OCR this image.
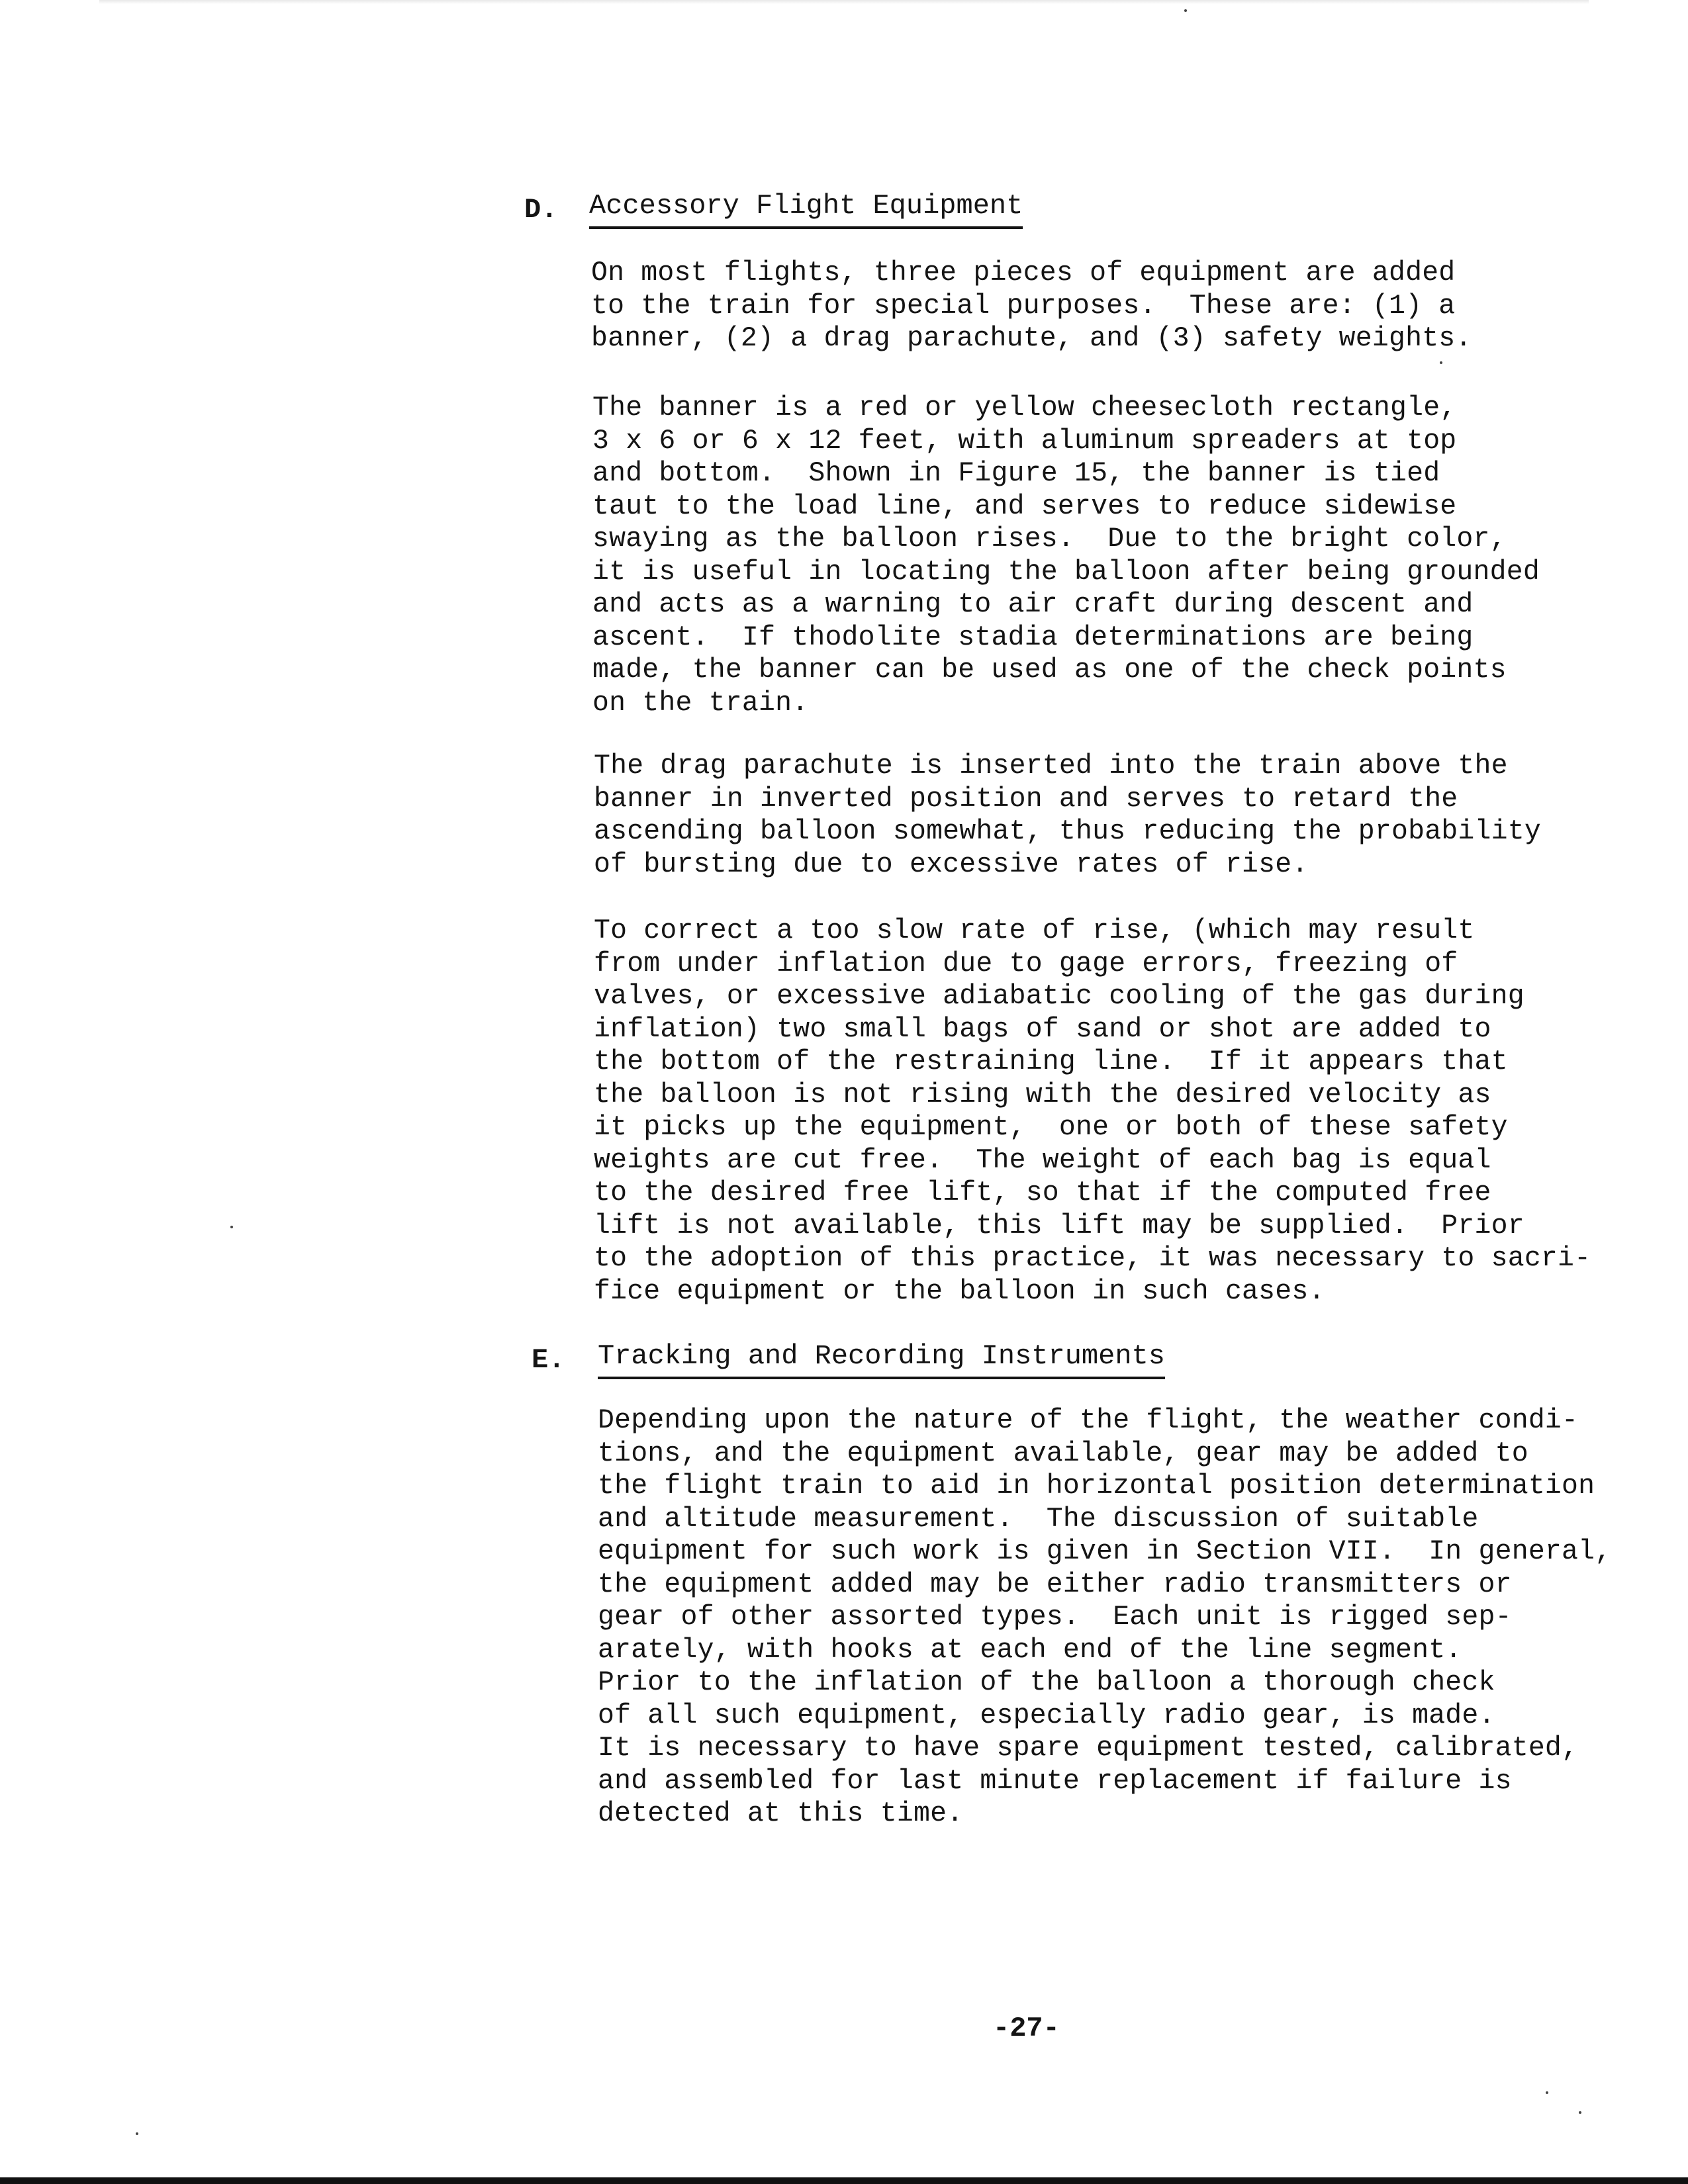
D. Accessory Flight Equipment
On most flights, three pieces of equipment are added
to the train for special purposes.  These are: (1) a
banner, (2) a drag parachute, and (3) safety weights.
The banner is a red or yellow cheesecloth rectangle,
3 x 6 or 6 x 12 feet, with aluminum spreaders at top
and bottom.  Shown in Figure 15, the banner is tied
taut to the load line, and serves to reduce sidewise
swaying as the balloon rises.  Due to the bright color,
it is useful in locating the balloon after being grounded
and acts as a warning to air craft during descent and
ascent.  If thodolite stadia determinations are being
made, the banner can be used as one of the check points
on the train.
The drag parachute is inserted into the train above the
banner in inverted position and serves to retard the
ascending balloon somewhat, thus reducing the probability
of bursting due to excessive rates of rise.
To correct a too slow rate of rise, (which may result
from under inflation due to gage errors, freezing of
valves, or excessive adiabatic cooling of the gas during
inflation) two small bags of sand or shot are added to
the bottom of the restraining line.  If it appears that
the balloon is not rising with the desired velocity as
it picks up the equipment,  one or both of these safety
weights are cut free.  The weight of each bag is equal
to the desired free lift, so that if the computed free
lift is not available, this lift may be supplied.  Prior
to the adoption of this practice, it was necessary to sacri-
fice equipment or the balloon in such cases.
E. Tracking and Recording Instruments
Depending upon the nature of the flight, the weather condi-
tions, and the equipment available, gear may be added to
the flight train to aid in horizontal position determination
and altitude measurement.  The discussion of suitable
equipment for such work is given in Section VII.  In general,
the equipment added may be either radio transmitters or
gear of other assorted types.  Each unit is rigged sep-
arately, with hooks at each end of the line segment.
Prior to the inflation of the balloon a thorough check
of all such equipment, especially radio gear, is made.
It is necessary to have spare equipment tested, calibrated,
and assembled for last minute replacement if failure is
detected at this time.
-27-
